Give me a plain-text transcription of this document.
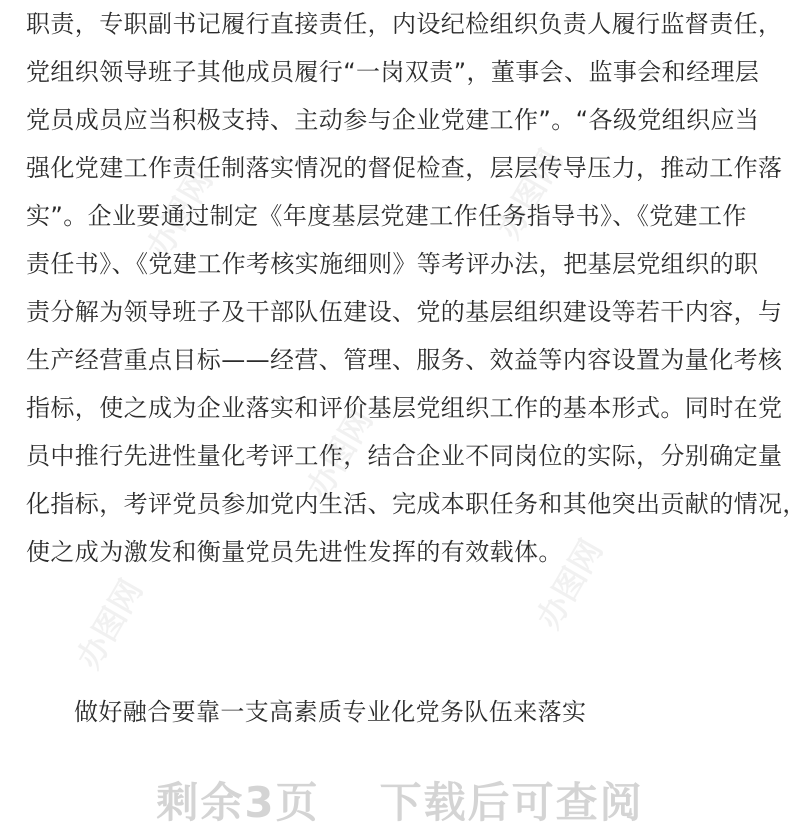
办图网	办图网
办图网
办图网	办图网
职责，专职副书记履行直接责任，内设纪检组织负责人履行监督责任，
党组织领导班子其他成员履行“一岗双责”，董事会、监事会和经理层
党员成员应当积极支持、主动参与企业党建工作”。“各级党组织应当
强化党建工作责任制落实情况的督促检查，层层传导压力，推动工作落
实”。企业要通过制定《年度基层党建工作任务指导书》、《党建工作
责任书》、《党建工作考核实施细则》等考评办法，把基层党组织的职
责分解为领导班子及干部队伍建设、党的基层组织建设等若干内容，与
生产经营重点目标——经营、管理、服务、效益等内容设置为量化考核
指标，使之成为企业落实和评价基层党组织工作的基本形式。同时在党
员中推行先进性量化考评工作，结合企业不同岗位的实际，分别确定量
化指标，考评党员参加党内生活、完成本职任务和其他突出贡献的情况，
使之成为激发和衡量党员先进性发挥的有效载体。
做好融合要靠一支高素质专业化党务队伍来落实
剩余3页 下载后可查阅
